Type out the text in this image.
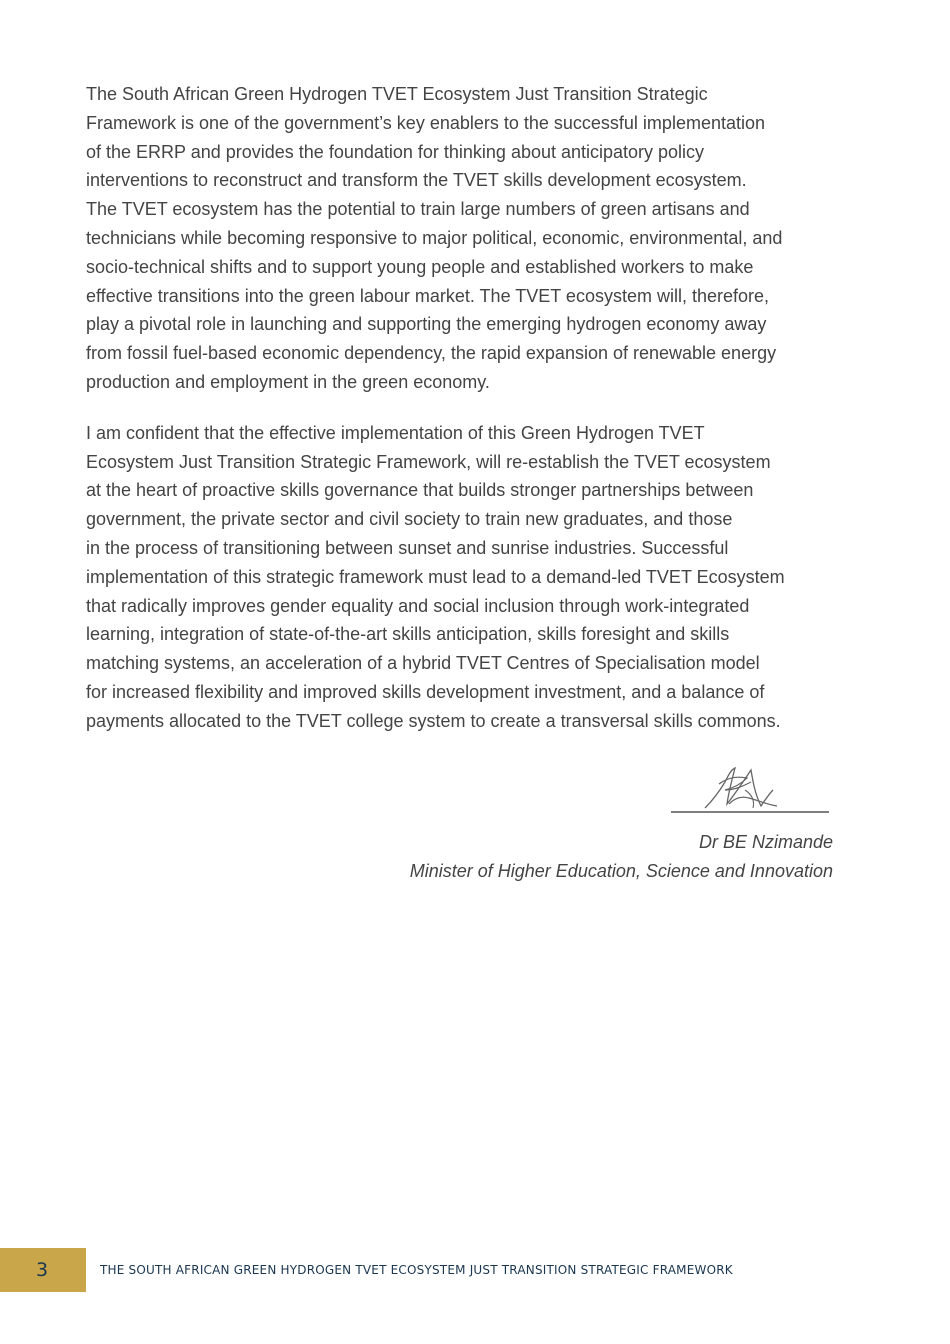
The South African Green Hydrogen TVET Ecosystem Just Transition Strategic
Framework is one of the government’s key enablers to the successful implementation
of the ERRP and provides the foundation for thinking about anticipatory policy
interventions to reconstruct and transform the TVET skills development ecosystem.
The TVET ecosystem has the potential to train large numbers of green artisans and
technicians while becoming responsive to major political, economic, environmental, and
socio-technical shifts and to support young people and established workers to make
effective transitions into the green labour market. The TVET ecosystem will, therefore,
play a pivotal role in launching and supporting the emerging hydrogen economy away
from fossil fuel-based economic dependency, the rapid expansion of renewable energy
production and employment in the green economy.

I am confident that the effective implementation of this Green Hydrogen TVET
Ecosystem Just Transition Strategic Framework, will re-establish the TVET ecosystem
at the heart of proactive skills governance that builds stronger partnerships between
government, the private sector and civil society to train new graduates, and those
in the process of transitioning between sunset and sunrise industries. Successful
implementation of this strategic framework must lead to a demand-led TVET Ecosystem
that radically improves gender equality and social inclusion through work-integrated
learning, integration of state-of-the-art skills anticipation, skills foresight and skills
matching systems, an acceleration of a hybrid TVET Centres of Specialisation model
for increased flexibility and improved skills development investment, and a balance of
payments allocated to the TVET college system to create a transversal skills commons.

Dr BE Nzimande
Minister of Higher Education, Science and Innovation
3	THE SOUTH AFRICAN GREEN HYDROGEN TVET ECOSYSTEM JUST TRANSITION STRATEGIC FRAMEWORK
